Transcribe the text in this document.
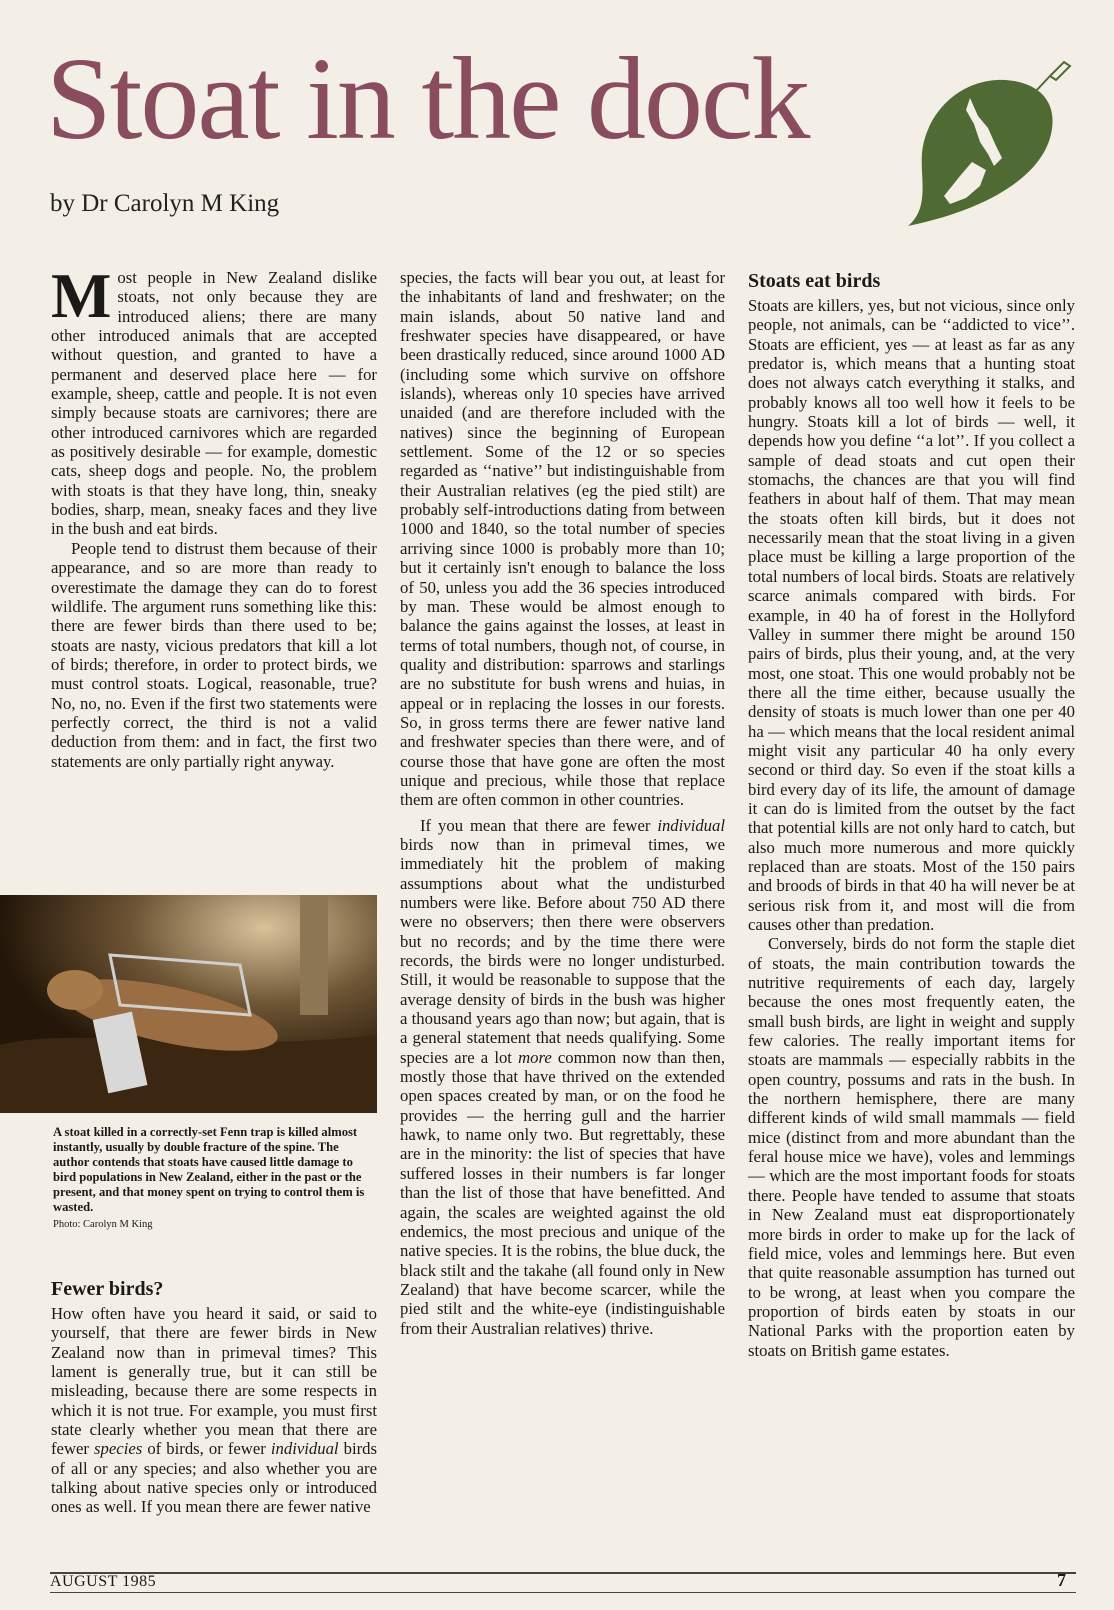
Stoat in the dock
by Dr Carolyn M King

Most people in New Zealand dislike stoats, not only because they are introduced aliens; there are many other introduced animals that are accepted without question, and granted to have a permanent and deserved place here — for example, sheep, cattle and people. It is not even simply because stoats are carnivores; there are other introduced carnivores which are regarded as positively desirable — for example, domestic cats, sheep dogs and people. No, the problem with stoats is that they have long, thin, sneaky bodies, sharp, mean, sneaky faces and they live in the bush and eat birds.

People tend to distrust them because of their appearance, and so are more than ready to overestimate the damage they can do to forest wildlife. The argument runs something like this: there are fewer birds than there used to be; stoats are nasty, vicious predators that kill a lot of birds; therefore, in order to protect birds, we must control stoats. Logical, reasonable, true? No, no, no. Even if the first two statements were perfectly correct, the third is not a valid deduction from them: and in fact, the first two statements are only partially right anyway.

A stoat killed in a correctly-set Fenn trap is killed almost instantly, usually by double fracture of the spine. The author contends that stoats have caused little damage to bird populations in New Zealand, either in the past or the present, and that money spent on trying to control them is wasted.
Photo: Carolyn M King
Fewer birds?

How often have you heard it said, or said to yourself, that there are fewer birds in New Zealand now than in primeval times? This lament is generally true, but it can still be misleading, because there are some respects in which it is not true. For example, you must first state clearly whether you mean that there are fewer species of birds, or fewer individual birds of all or any species; and also whether you are talking about native species only or introduced ones as well. If you mean there are fewer native

species, the facts will bear you out, at least for the inhabitants of land and freshwater; on the main islands, about 50 native land and freshwater species have disappeared, or have been drastically reduced, since around 1000 AD (including some which survive on offshore islands), whereas only 10 species have arrived unaided (and are therefore included with the natives) since the beginning of European settlement. Some of the 12 or so species regarded as ‘‘native’’ but indistinguishable from their Australian relatives (eg the pied stilt) are probably self-introductions dating from between 1000 and 1840, so the total number of species arriving since 1000 is probably more than 10; but it certainly isn't enough to balance the loss of 50, unless you add the 36 species introduced by man. These would be almost enough to balance the gains against the losses, at least in terms of total numbers, though not, of course, in quality and distribution: sparrows and starlings are no substitute for bush wrens and huias, in appeal or in replacing the losses in our forests. So, in gross terms there are fewer native land and freshwater species than there were, and of course those that have gone are often the most unique and precious, while those that replace them are often common in other countries.

If you mean that there are fewer individual birds now than in primeval times, we immediately hit the problem of making assumptions about what the undisturbed numbers were like. Before about 750 AD there were no observers; then there were observers but no records; and by the time there were records, the birds were no longer undisturbed. Still, it would be reasonable to suppose that the average density of birds in the bush was higher a thousand years ago than now; but again, that is a general statement that needs qualifying. Some species are a lot more common now than then, mostly those that have thrived on the extended open spaces created by man, or on the food he provides — the herring gull and the harrier hawk, to name only two. But regrettably, these are in the minority: the list of species that have suffered losses in their numbers is far longer than the list of those that have benefitted. And again, the scales are weighted against the old endemics, the most precious and unique of the native species. It is the robins, the blue duck, the black stilt and the takahe (all found only in New Zealand) that have become scarcer, while the pied stilt and the white-eye (indistinguishable from their Australian relatives) thrive.

Stoats eat birds

Stoats are killers, yes, but not vicious, since only people, not animals, can be ‘‘addicted to vice’’. Stoats are efficient, yes — at least as far as any predator is, which means that a hunting stoat does not always catch everything it stalks, and probably knows all too well how it feels to be hungry. Stoats kill a lot of birds — well, it depends how you define ‘‘a lot’’. If you collect a sample of dead stoats and cut open their stomachs, the chances are that you will find feathers in about half of them. That may mean the stoats often kill birds, but it does not necessarily mean that the stoat living in a given place must be killing a large proportion of the total numbers of local birds. Stoats are relatively scarce animals compared with birds. For example, in 40 ha of forest in the Hollyford Valley in summer there might be around 150 pairs of birds, plus their young, and, at the very most, one stoat. This one would probably not be there all the time either, because usually the density of stoats is much lower than one per 40 ha — which means that the local resident animal might visit any particular 40 ha only every second or third day. So even if the stoat kills a bird every day of its life, the amount of damage it can do is limited from the outset by the fact that potential kills are not only hard to catch, but also much more numerous and more quickly replaced than are stoats. Most of the 150 pairs and broods of birds in that 40 ha will never be at serious risk from it, and most will die from causes other than predation.

Conversely, birds do not form the staple diet of stoats, the main contribution towards the nutritive requirements of each day, largely because the ones most frequently eaten, the small bush birds, are light in weight and supply few calories. The really important items for stoats are mammals — especially rabbits in the open country, possums and rats in the bush. In the northern hemisphere, there are many different kinds of wild small mammals — field mice (distinct from and more abundant than the feral house mice we have), voles and lemmings — which are the most important foods for stoats there. People have tended to assume that stoats in New Zealand must eat disproportionately more birds in order to make up for the lack of field mice, voles and lemmings here. But even that quite reasonable assumption has turned out to be wrong, at least when you compare the proportion of birds eaten by stoats in our National Parks with the proportion eaten by stoats on British game estates.

AUGUST 1985	7
